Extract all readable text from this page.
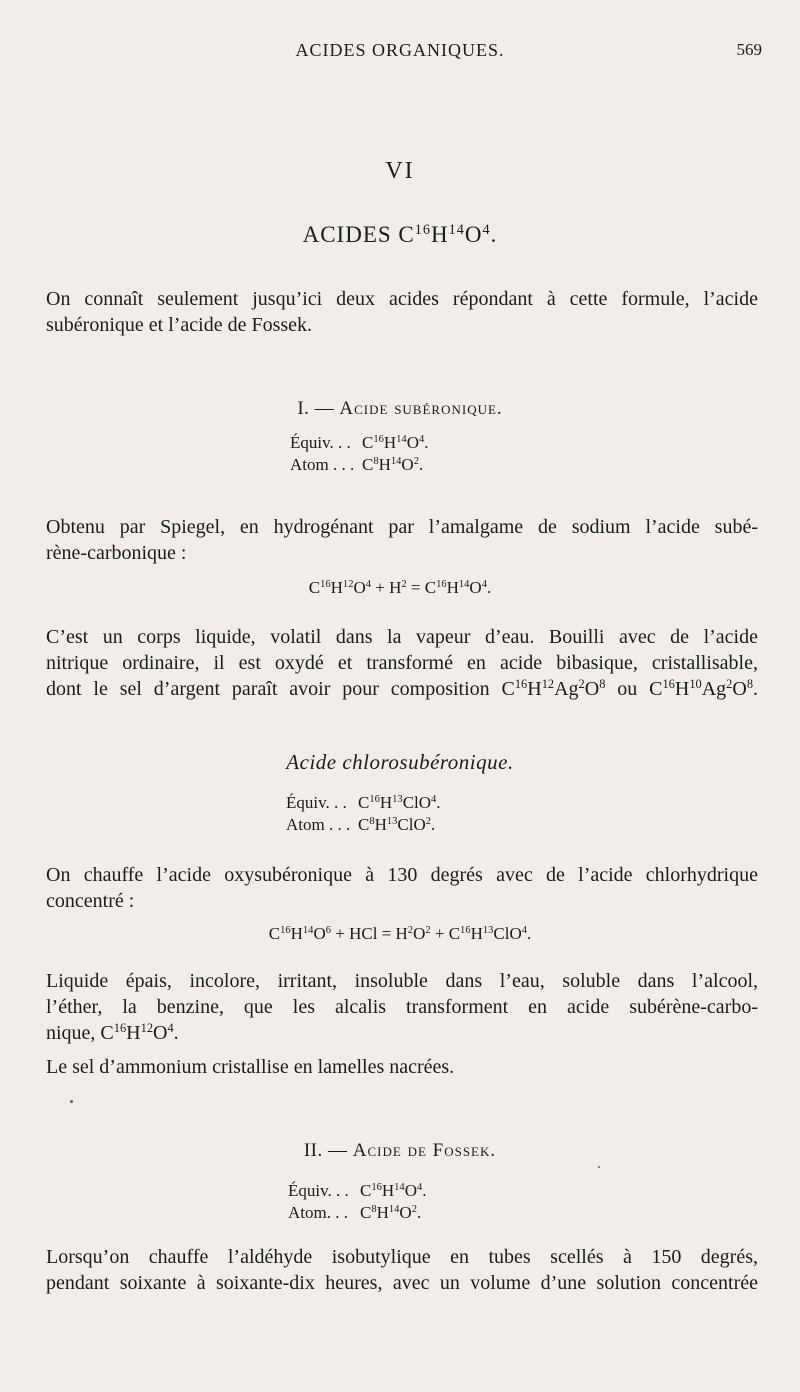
ACIDES ORGANIQUES.	569
VI
ACIDES $C^{16}H^{14}O^4$.
On connaît seulement jusqu’ici deux acides répondant à cette formule, l’acide
subéronique et l’acide de Fossek.
I. — Acide subéronique.
Équiv. . . $C^{16}H^{14}O^4$.
Atom . . . $C^8H^{14}O^2$.
Obtenu par Spiegel, en hydrogénant par l’amalgame de sodium l’acide subé-
rène-carbonique :
$C^{16}H^{12}O^4 + H^2 = C^{16}H^{14}O^4$.
C’est un corps liquide, volatil dans la vapeur d’eau. Bouilli avec de l’acide
nitrique ordinaire, il est oxydé et transformé en acide bibasique, cristallisable,
dont le sel d’argent paraît avoir pour composition $C^{16}H^{12}Ag^2O^8$ ou $C^{16}H^{10}Ag^2O^8$.
Acide chlorosubéronique.
Équiv. . . $C^{16}H^{13}ClO^4$.
Atom . . . $C^8H^{13}ClO^2$.
On chauffe l’acide oxysubéronique à 130 degrés avec de l’acide chlorhydrique
concentré :
$C^{16}H^{14}O^6$ + HCl = $H^2O^2 + C^{16}H^{13}ClO^4$.
Liquide épais, incolore, irritant, insoluble dans l’eau, soluble dans l’alcool,
l’éther, la benzine, que les alcalis transforment en acide subérène-carbo-
nique, $C^{16}H^{12}O^4$.
Le sel d’ammonium cristallise en lamelles nacrées.
II. — Acide de Fossek.
Équiv. . . $C^{16}H^{14}O^4$.
Atom. . . $C^8H^{14}O^2$.
Lorsqu’on chauffe l’aldéhyde isobutylique en tubes scellés à 150 degrés,
pendant soixante à soixante-dix heures, avec un volume d’une solution concentrée
